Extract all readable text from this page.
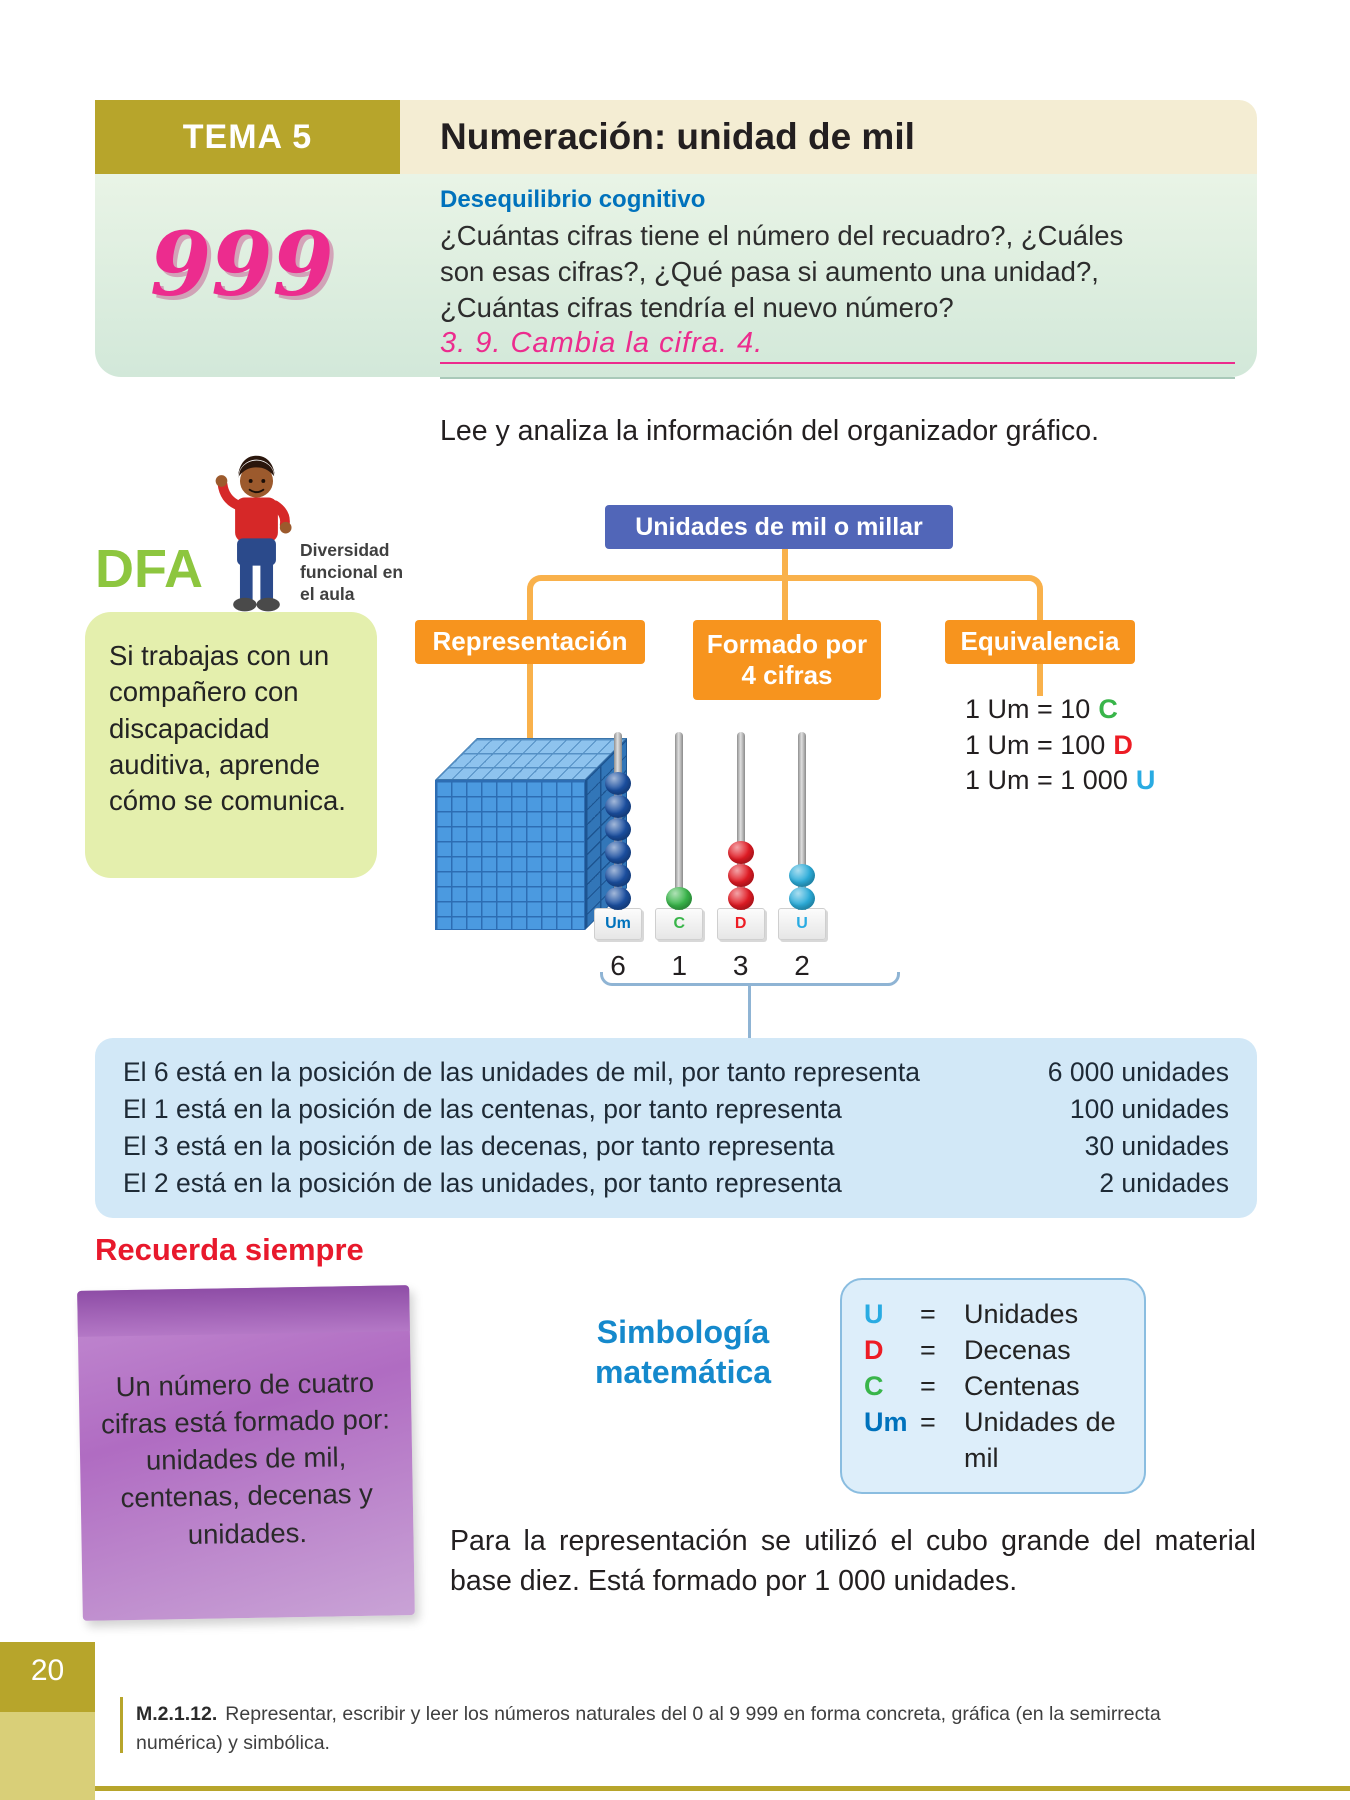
TEMA 5	Numeración: unidad de mil
999
Desequilibrio cognitivo
¿Cuántas cifras tiene el número del recuadro?, ¿Cuáles son esas cifras?, ¿Qué pasa si aumento una unidad?, ¿Cuántas cifras tendría el nuevo número?
3. 9. Cambia la cifra. 4.
Lee y analiza la información del organizador gráfico.
DFA	Diversidad funcional en el aula
Si trabajas con un compañero con discapacidad auditiva, aprende cómo se comunica.
Unidades de mil o millar
Representación	Formado por 4 cifras
Equivalencia
Um
6
C
1
D
3
U
2
1 Um = 10 C
1 Um = 100 D
1 Um = 1 000 U
El 6 está en la posición de las unidades de mil, por tanto representa	6 000 unidades
El 1 está en la posición de las centenas, por tanto representa	100 unidades
El 3 está en la posición de las decenas, por tanto representa	30 unidades
El 2 está en la posición de las unidades, por tanto representa	2 unidades
Recuerda siempre
Un número de cuatro cifras está formado por: unidades de mil, centenas, decenas y unidades.
Simbología
matemática
U	=	Unidades
D	=	Decenas
C	=	Centenas
Um =	Unidades de mil
Para la representación se utilizó el cubo grande del material base diez. Está formado por 1 000 unidades.
M.2.1.12. Representar, escribir y leer los números naturales del 0 al 9 999 en forma concreta, gráfica (en la semirrecta numérica) y simbólica.
20
